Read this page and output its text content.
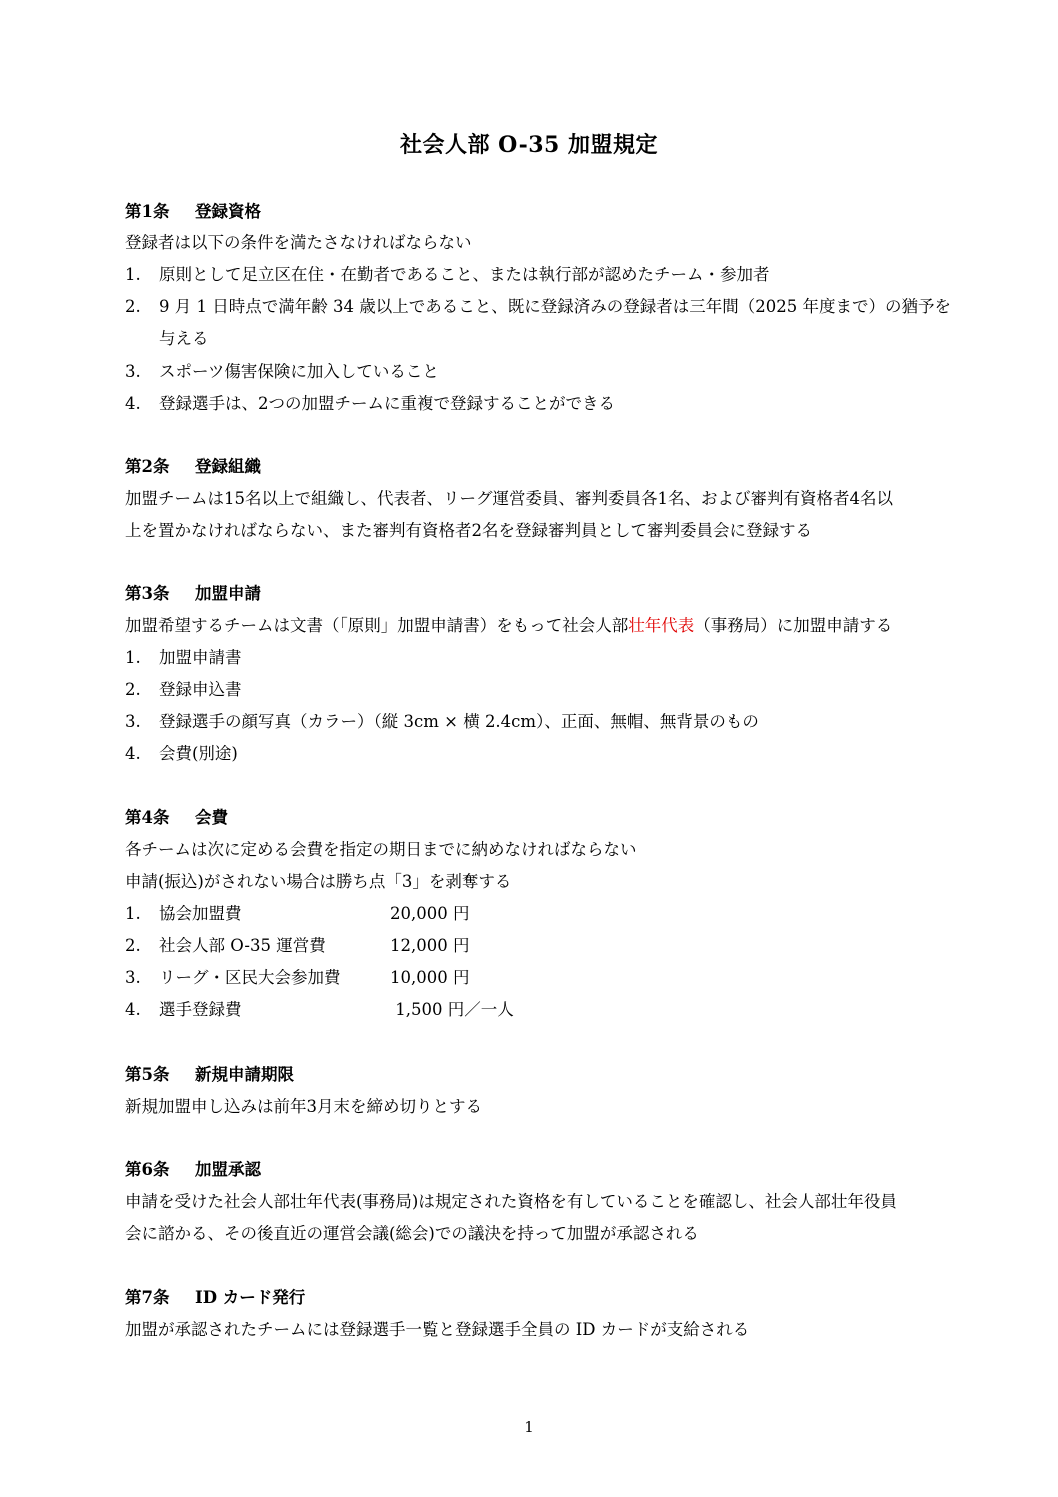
社会人部 O-35 加盟規定
第1条 登録資格
登録者は以下の条件を満たさなければならない
1. 原則として足立区在住・在勤者であること、または執行部が認めたチーム・参加者
2. 9 月 1 日時点で満年齢 34 歳以上であること、既に登録済みの登録者は三年間（2025 年度まで）の猶予を
与える
3. スポーツ傷害保険に加入していること
4. 登録選手は、2つの加盟チームに重複で登録することができる
第2条 登録組織
加盟チームは15名以上で組織し、代表者、リーグ運営委員、審判委員各1名、および審判有資格者4名以
上を置かなければならない、また審判有資格者2名を登録審判員として審判委員会に登録する
第3条 加盟申請
加盟希望するチームは文書（「原則」加盟申請書）をもって社会人部壮年代表（事務局）に加盟申請する
1. 加盟申請書
2. 登録申込書
3. 登録選手の顔写真（カラー）（縦 3cm × 横 2.4cm）、正面、無帽、無背景のもの
4. 会費(別途)
第4条 会費
各チームは次に定める会費を指定の期日までに納めなければならない
申請(振込)がされない場合は勝ち点「3」を剥奪する
1. 協会加盟費	20,000 円
2. 社会人部 O-35 運営費	12,000 円
3. リーグ・区民大会参加費	10,000 円
4. 選手登録費	1,500 円／一人
第5条 新規申請期限
新規加盟申し込みは前年3月末を締め切りとする
第6条 加盟承認
申請を受けた社会人部壮年代表(事務局)は規定された資格を有していることを確認し、社会人部壮年役員
会に諮かる、その後直近の運営会議(総会)での議決を持って加盟が承認される
第7条 ID カード発行
加盟が承認されたチームには登録選手一覧と登録選手全員の ID カードが支給される
1
